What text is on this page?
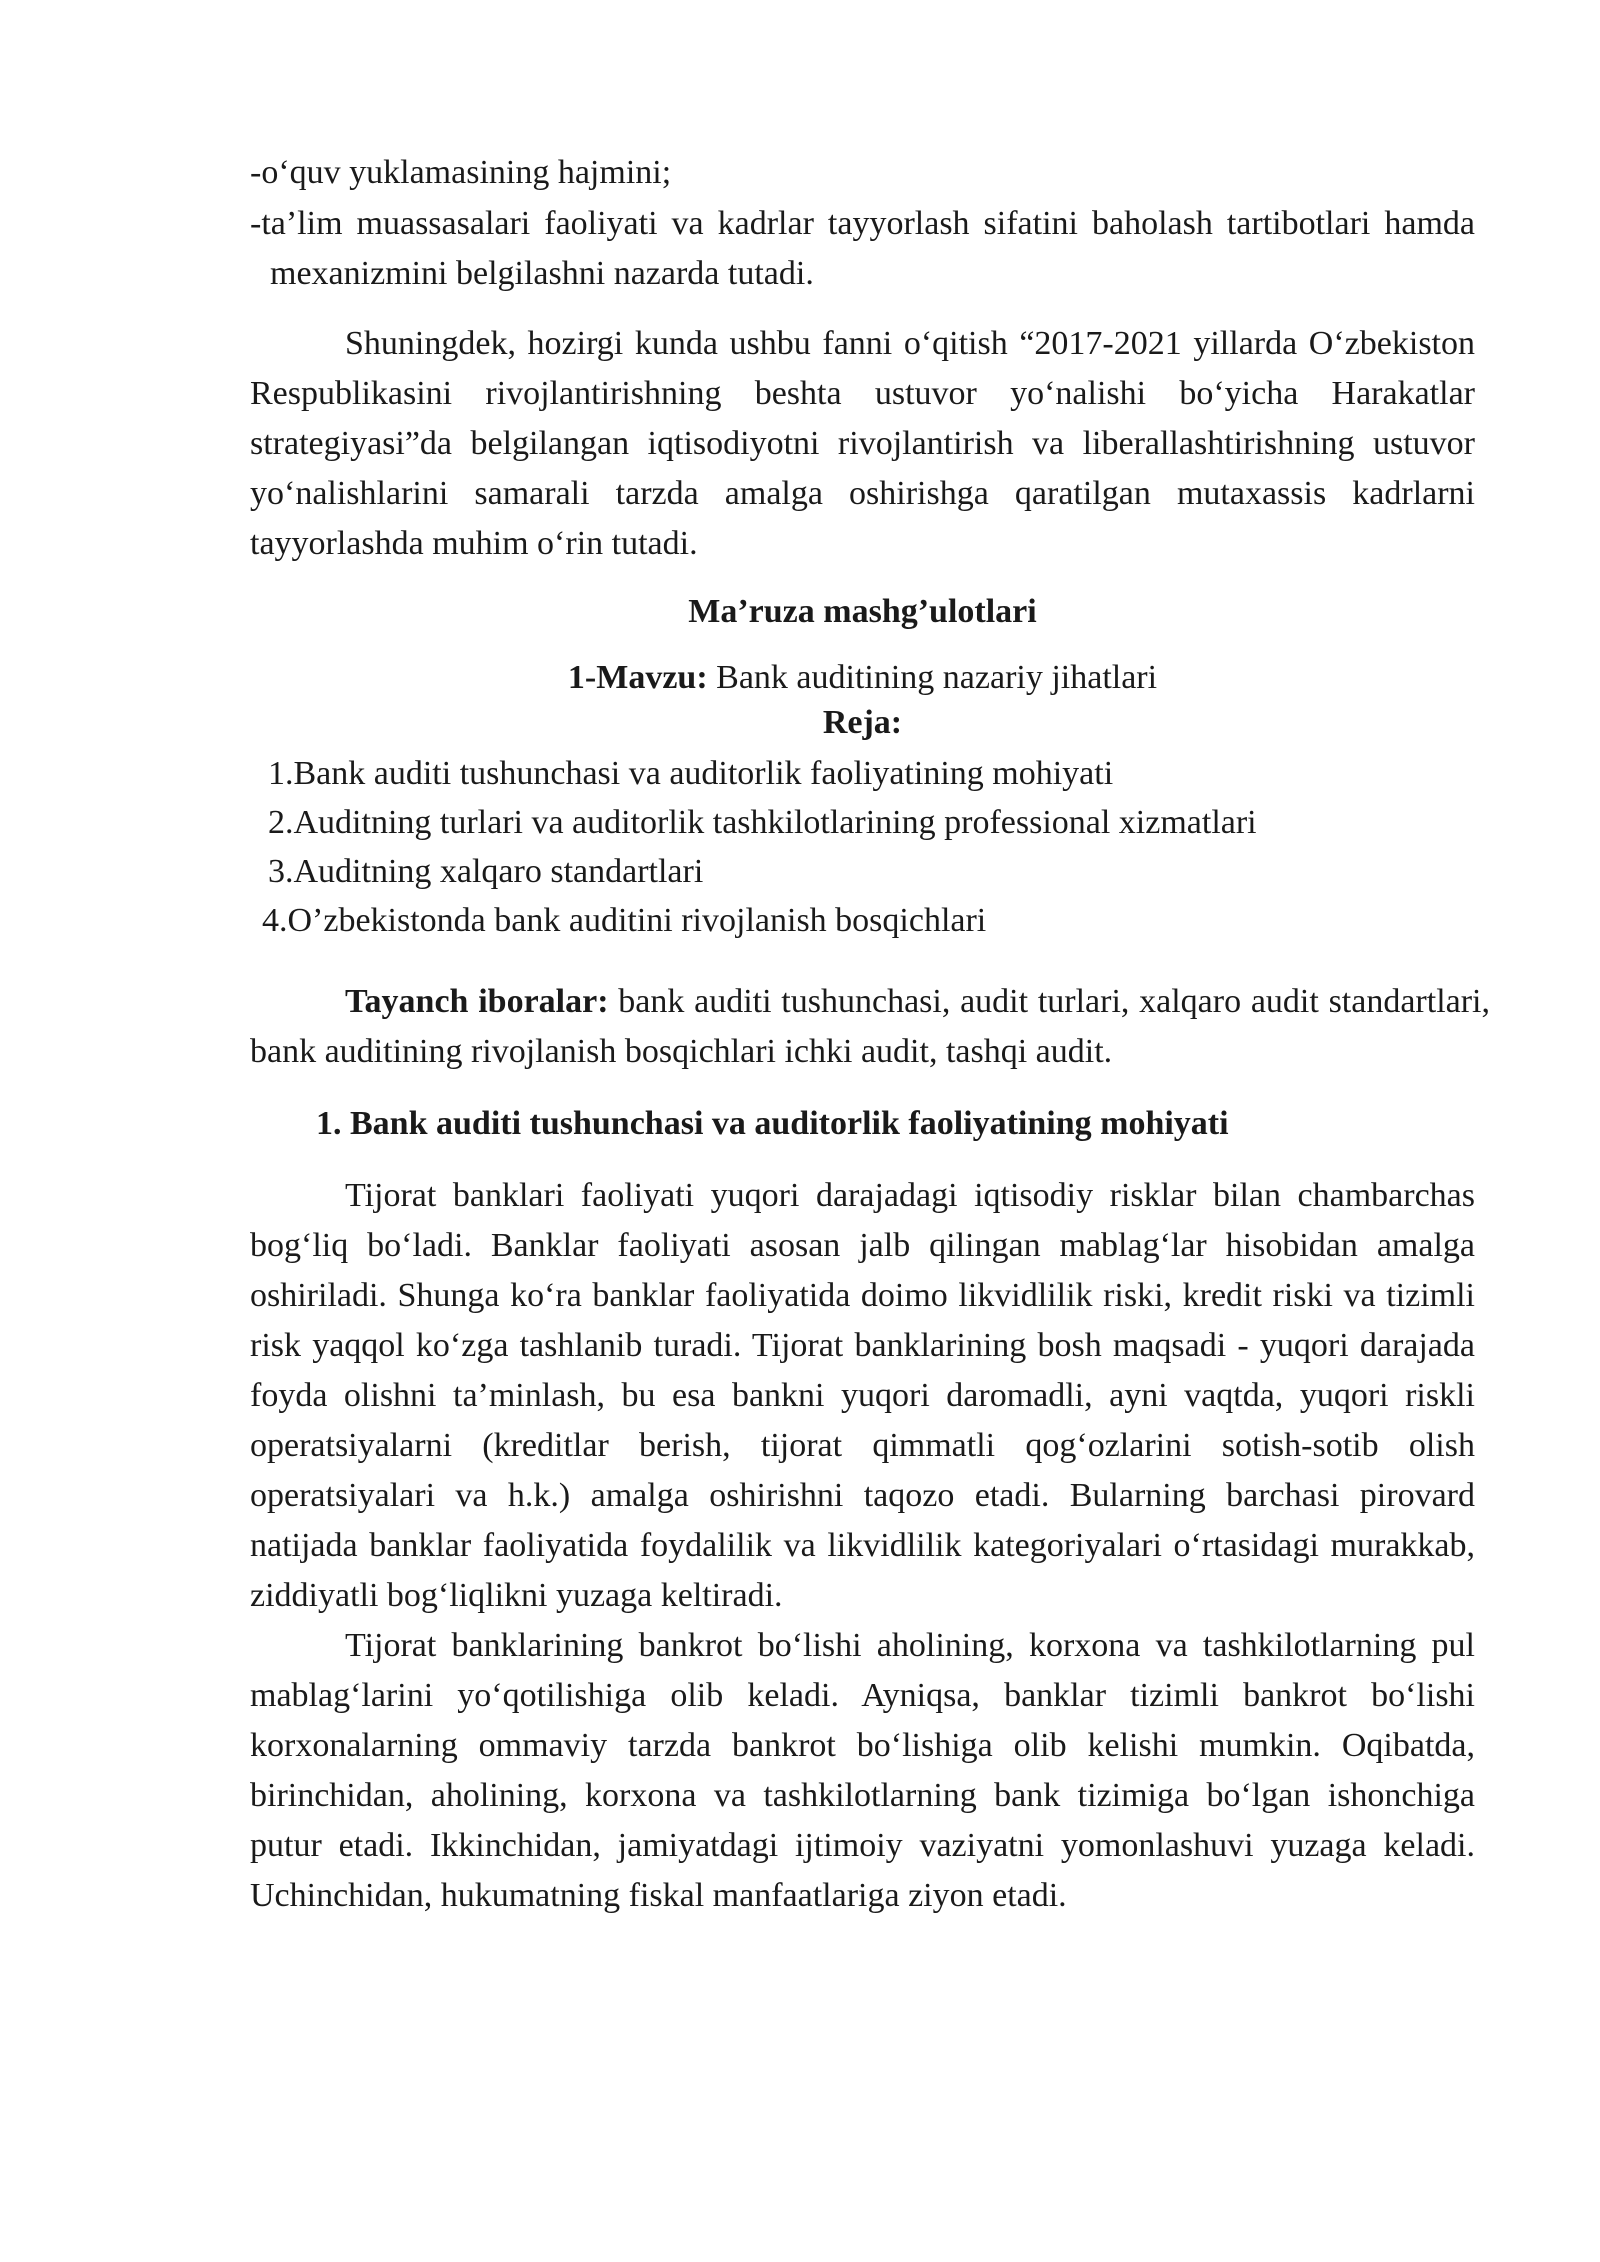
-o‘quv yuklamasining hajmini;

-ta’lim muassasalari faoliyati va kadrlar tayyorlash sifatini baholash tartibotlari hamda mexanizmini belgilashni nazarda tutadi.

Shuningdek, hozirgi kunda ushbu fanni o‘qitish “2017-2021 yillarda O‘zbekiston Respublikasini rivojlantirishning beshta ustuvor yo‘nalishi bo‘yicha Harakatlar strategiyasi”da belgilangan iqtisodiyotni rivojlantirish va liberallashtirishning ustuvor yo‘nalishlarini samarali tarzda amalga oshirishga qaratilgan mutaxassis kadrlarni tayyorlashda muhim o‘rin tutadi.

Ma’ruza mashg’ulotlari

1-Mavzu: Bank auditining nazariy jihatlari

Reja:

1.Bank auditi tushunchasi va auditorlik faoliyatining mohiyati
2.Auditning turlari va auditorlik tashkilotlarining professional xizmatlari
3.Auditning xalqaro standartlari
4.O’zbekistonda bank auditini rivojlanish bosqichlari

Tayanch iboralar: bank auditi tushunchasi, audit turlari, xalqaro audit standartlari, bank auditining rivojlanish bosqichlari ichki audit, tashqi audit.

1. Bank auditi tushunchasi va auditorlik faoliyatining mohiyati

Tijorat banklari faoliyati yuqori darajadagi iqtisodiy risklar bilan chambarchas bog‘liq bo‘ladi. Banklar faoliyati asosan jalb qilingan mablag‘lar hisobidan amalga oshiriladi. Shunga ko‘ra banklar faoliyatida doimo likvidlilik riski, kredit riski va tizimli risk yaqqol ko‘zga tashlanib turadi. Tijorat banklarining bosh maqsadi - yuqori darajada foyda olishni ta’minlash, bu esa bankni yuqori daromadli, ayni vaqtda, yuqori riskli operatsiyalarni (kreditlar berish, tijorat qimmatli qog‘ozlarini sotish-sotib olish operatsiyalari va h.k.) amalga oshirishni taqozo etadi. Bularning barchasi pirovard natijada banklar faoliyatida foydalilik va likvidlilik kategoriyalari o‘rtasidagi murakkab, ziddiyatli bog‘liqlikni yuzaga keltiradi.

Tijorat banklarining bankrot bo‘lishi aholining, korxona va tashkilotlarning pul mablag‘larini yo‘qotilishiga olib keladi. Ayniqsa, banklar tizimli bankrot bo‘lishi korxonalarning ommaviy tarzda bankrot bo‘lishiga olib kelishi mumkin. Oqibatda, birinchidan, aholining, korxona va tashkilotlarning bank tizimiga bo‘lgan ishonchiga putur etadi. Ikkinchidan, jamiyatdagi ijtimoiy vaziyatni yomonlashuvi yuzaga keladi. Uchinchidan, hukumatning fiskal manfaatlariga ziyon etadi.
